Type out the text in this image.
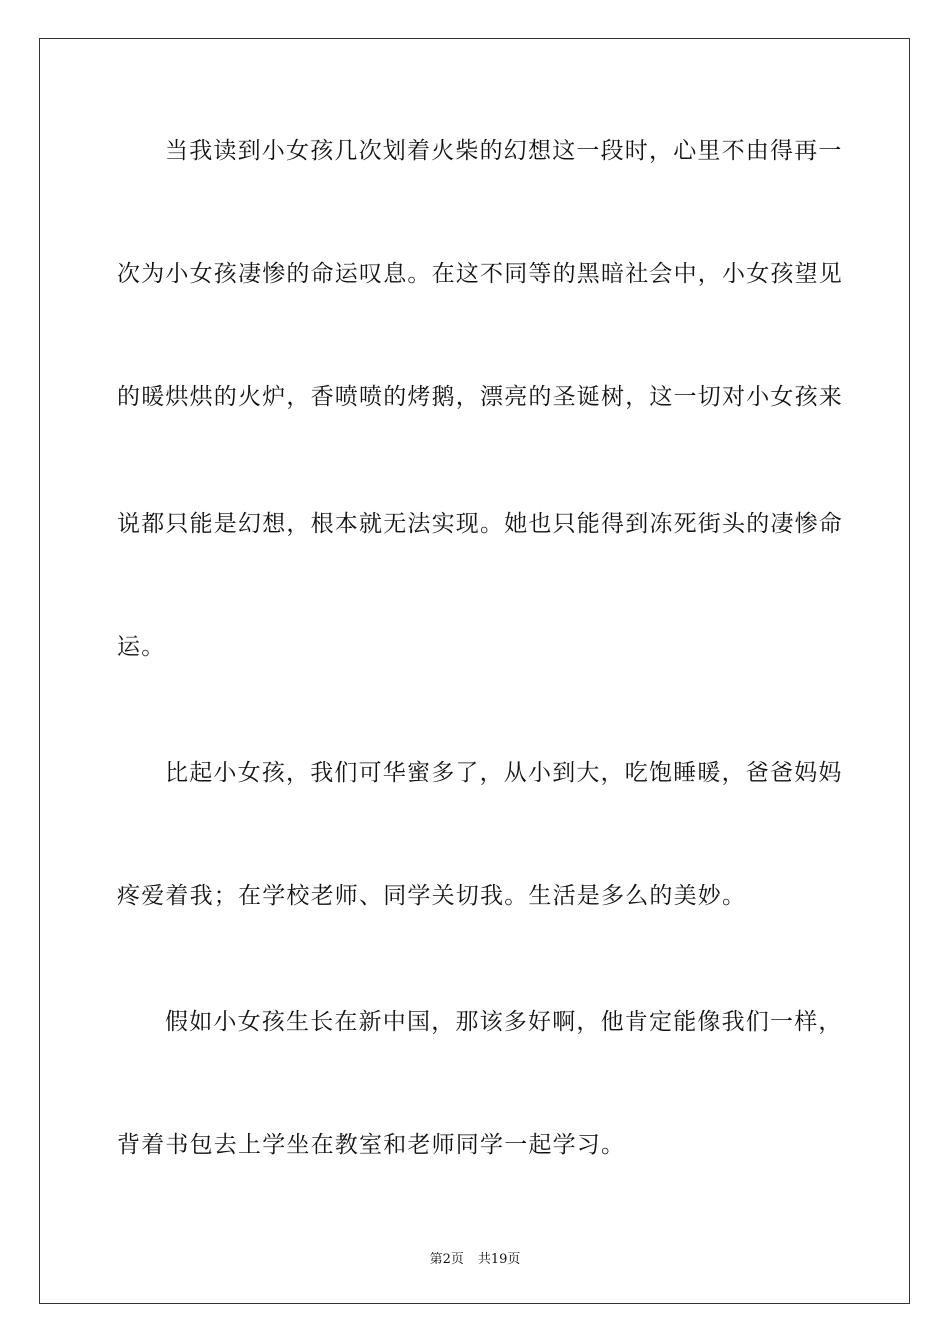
当我读到小女孩几次划着火柴的幻想这一段时，心里不由得再一
次为小女孩凄惨的命运叹息。在这不同等的黑暗社会中，小女孩望见
的暖烘烘的火炉，香喷喷的烤鹅，漂亮的圣诞树，这一切对小女孩来
说都只能是幻想，根本就无法实现。她也只能得到冻死街头的凄惨命
运。
比起小女孩，我们可华蜜多了，从小到大，吃饱睡暖，爸爸妈妈
疼爱着我；在学校老师、同学关切我。生活是多么的美妙。
假如小女孩生长在新中国，那该多好啊，他肯定能像我们一样，
背着书包去上学坐在教室和老师同学一起学习。
第2页 共19页
